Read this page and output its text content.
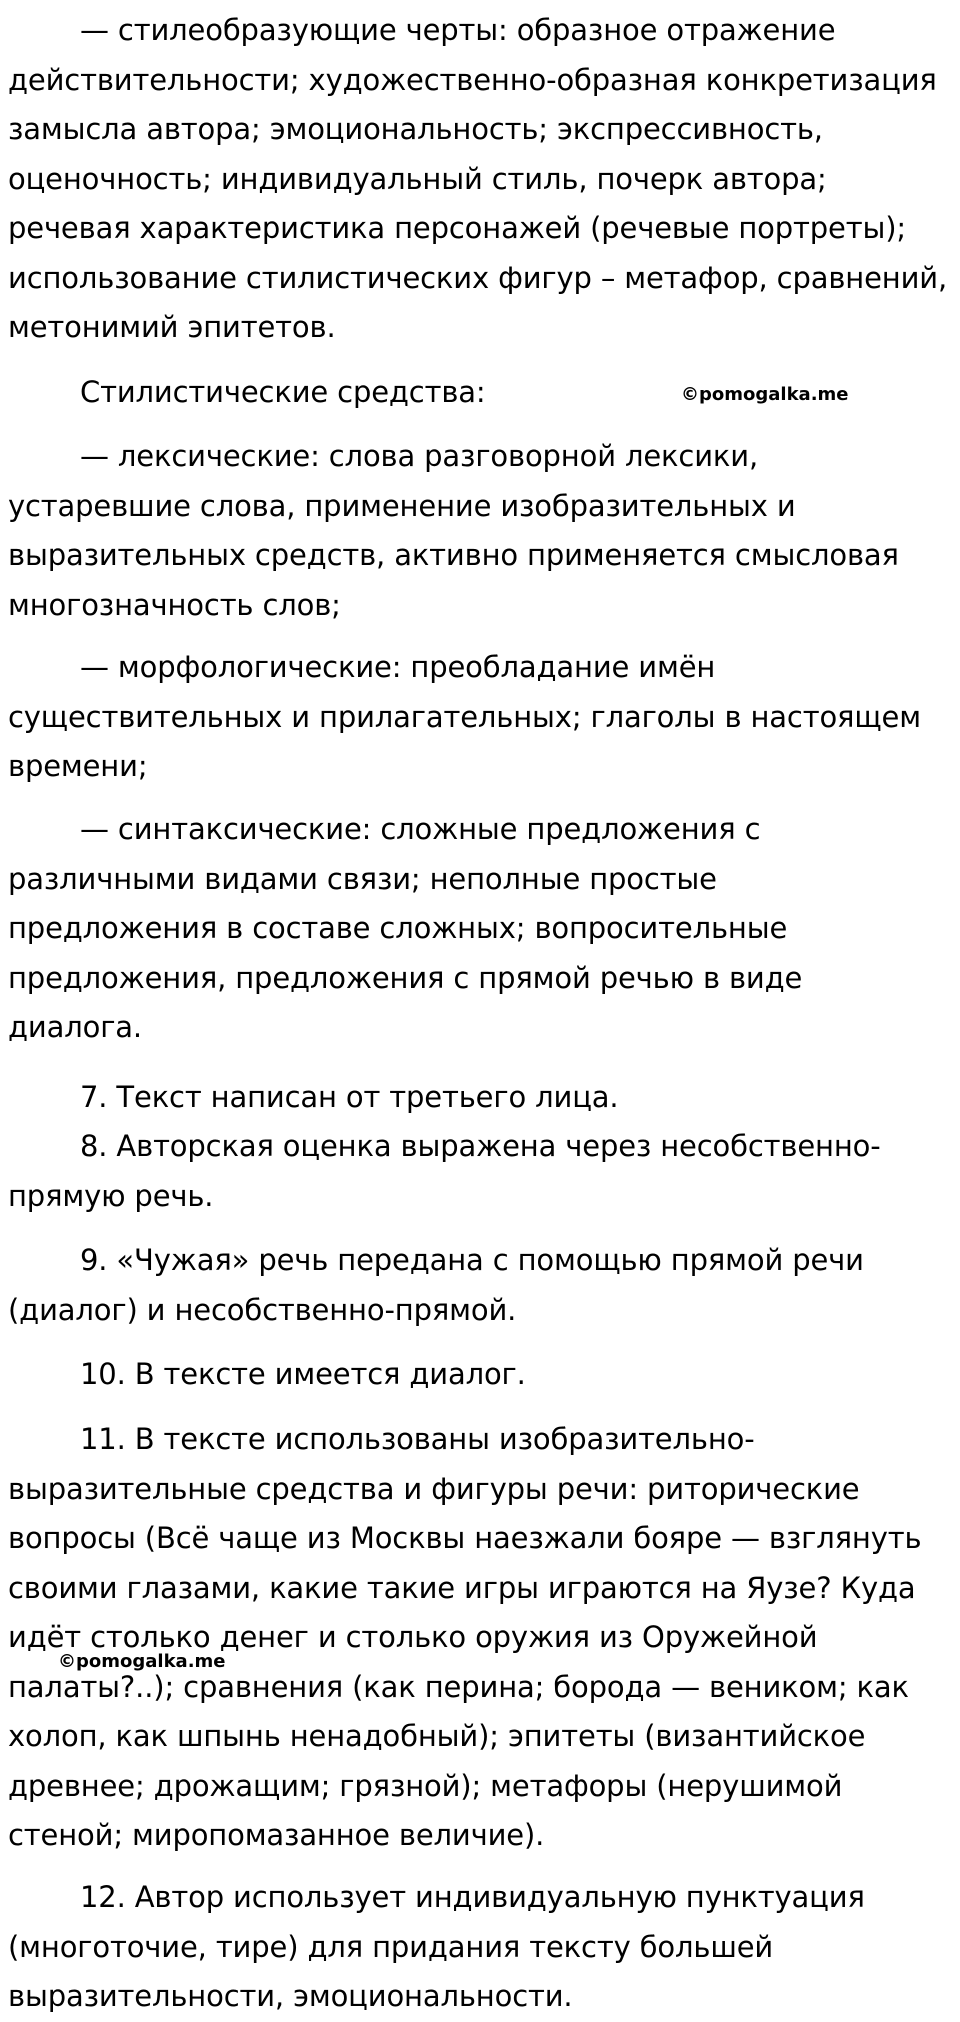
— стилеобразующие черты: образное отражение
действительности; художественно-образная конкретизация
замысла автора; эмоциональность; экспрессивность,
оценочность; индивидуальный стиль, почерк автора;
речевая характеристика персонажей (речевые портреты);
использование стилистических фигур – метафор, сравнений,
метонимий эпитетов.

Стилистические средства:

— лексические: слова разговорной лексики,
устаревшие слова, применение изобразительных и
выразительных средств, активно применяется смысловая
многозначность слов;

— морфологические: преобладание имён
существительных и прилагательных; глаголы в настоящем
времени;

— синтаксические: сложные предложения с
различными видами связи; неполные простые
предложения в составе сложных; вопросительные
предложения, предложения с прямой речью в виде
диалога.

7. Текст написан от третьего лица.

8. Авторская оценка выражена через несобственно-
прямую речь.

9. «Чужая» речь передана с помощью прямой речи
(диалог) и несобственно-прямой.

10. В тексте имеется диалог.

11. В тексте использованы изобразительно-
выразительные средства и фигуры речи: риторические
вопросы (Всё чаще из Москвы наезжали бояре — взглянуть
своими глазами, какие такие игры играются на Яузе? Куда
идёт столько денег и столько оружия из Оружейной
палаты?..); сравнения (как перина; борода — веником; как
холоп, как шпынь ненадобный); эпитеты (византийское
древнее; дрожащим; грязной); метафоры (нерушимой
стеной; миропомазанное величие).

12. Автор использует индивидуальную пунктуация
(многоточие, тире) для придания тексту большей
выразительности, эмоциональности.

©pomogalka.me
©pomogalka.me
